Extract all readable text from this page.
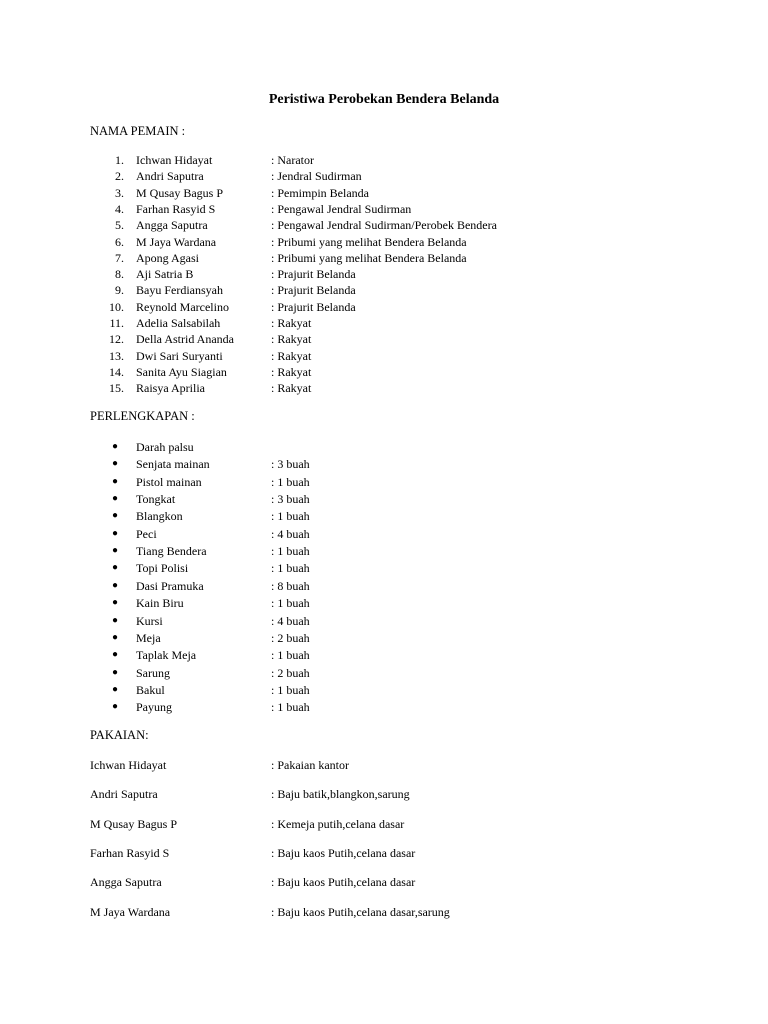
Peristiwa Perobekan Bendera Belanda
NAMA PEMAIN :
1. Ichwan Hidayat	: Narator
2. Andri Saputra	: Jendral Sudirman
3. M Qusay Bagus P	: Pemimpin Belanda
4. Farhan Rasyid S	: Pengawal Jendral Sudirman
5. Angga Saputra	: Pengawal Jendral Sudirman/Perobek Bendera
6. M Jaya Wardana	: Pribumi yang melihat Bendera Belanda
7. Apong Agasi	: Pribumi yang melihat Bendera Belanda
8. Aji Satria B	: Prajurit Belanda
9. Bayu Ferdiansyah	: Prajurit Belanda
10. Reynold Marcelino	: Prajurit Belanda
11. Adelia Salsabilah	: Rakyat
12. Della Astrid Ananda	: Rakyat
13. Dwi Sari Suryanti	: Rakyat
14. Sanita Ayu Siagian	: Rakyat
15. Raisya Aprilia	: Rakyat
PERLENGKAPAN :
● Darah palsu
● Senjata mainan	: 3 buah
● Pistol mainan	: 1 buah
● Tongkat	: 3 buah
● Blangkon	: 1 buah
● Peci	: 4 buah
● Tiang Bendera	: 1 buah
● Topi Polisi	: 1 buah
● Dasi Pramuka	: 8 buah
● Kain Biru	: 1 buah
● Kursi	: 4 buah
● Meja	: 2 buah
● Taplak Meja	: 1 buah
● Sarung	: 2 buah
● Bakul	: 1 buah
● Payung	: 1 buah
PAKAIAN:
Ichwan Hidayat	: Pakaian kantor
Andri Saputra	: Baju batik,blangkon,sarung
M Qusay Bagus P	: Kemeja putih,celana dasar
Farhan Rasyid S	: Baju kaos Putih,celana dasar
Angga Saputra	: Baju kaos Putih,celana dasar
M Jaya Wardana	: Baju kaos Putih,celana dasar,sarung
